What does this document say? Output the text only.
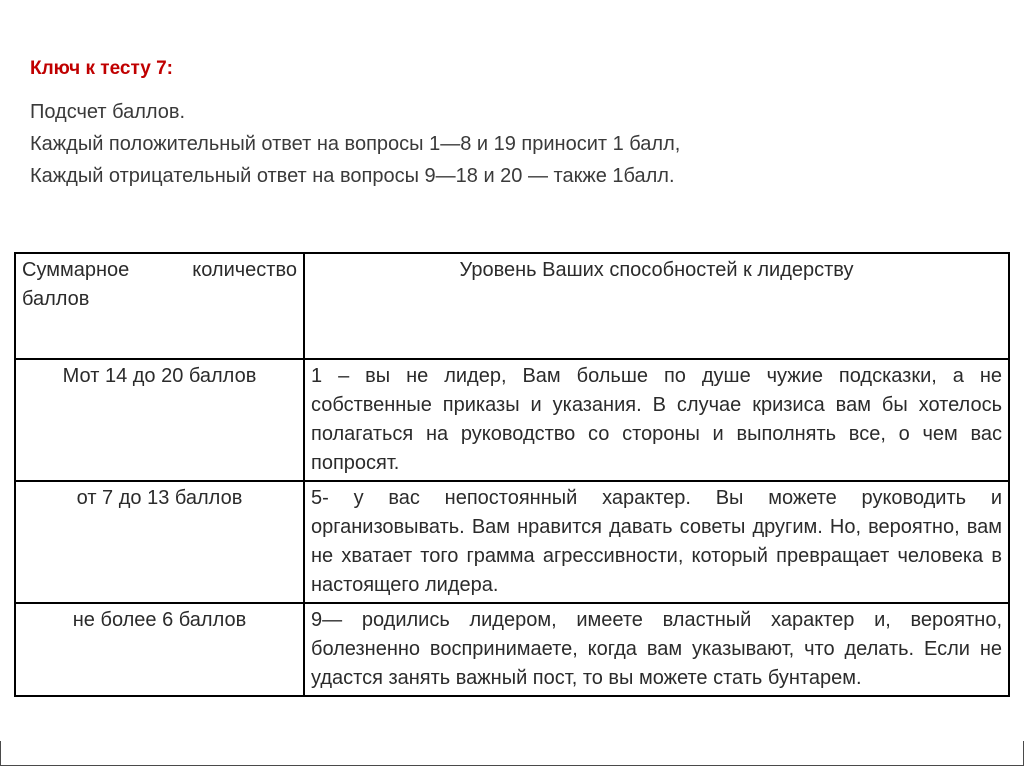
Ключ к тесту 7:
Подсчет баллов.
Каждый положительный ответ на вопросы 1—8 и 19 приносит 1 балл,
Каждый отрицательный ответ на вопросы 9—18 и 20 — также 1балл.
Суммарное количество баллов	Уровень Ваших способностей к лидерству
Мот 14 до 20 баллов	1 – вы не лидер, Вам больше по душе чужие подсказки, а не собственные приказы и указания. В случае кризиса вам бы хотелось полагаться на руководство со стороны и выполнять все, о чем вас попросят.
от 7 до 13 баллов	5- у вас непостоянный характер. Вы можете руководить и организовывать. Вам нравится давать советы другим. Но, вероятно, вам не хватает того грамма агрессивности, который превращает человека в настоящего лидера.
не более 6 баллов	9— родились лидером, имеете властный характер и, вероятно, болезненно воспринимаете, когда вам указывают, что делать. Если не удастся занять важный пост, то вы можете стать бунтарем.
